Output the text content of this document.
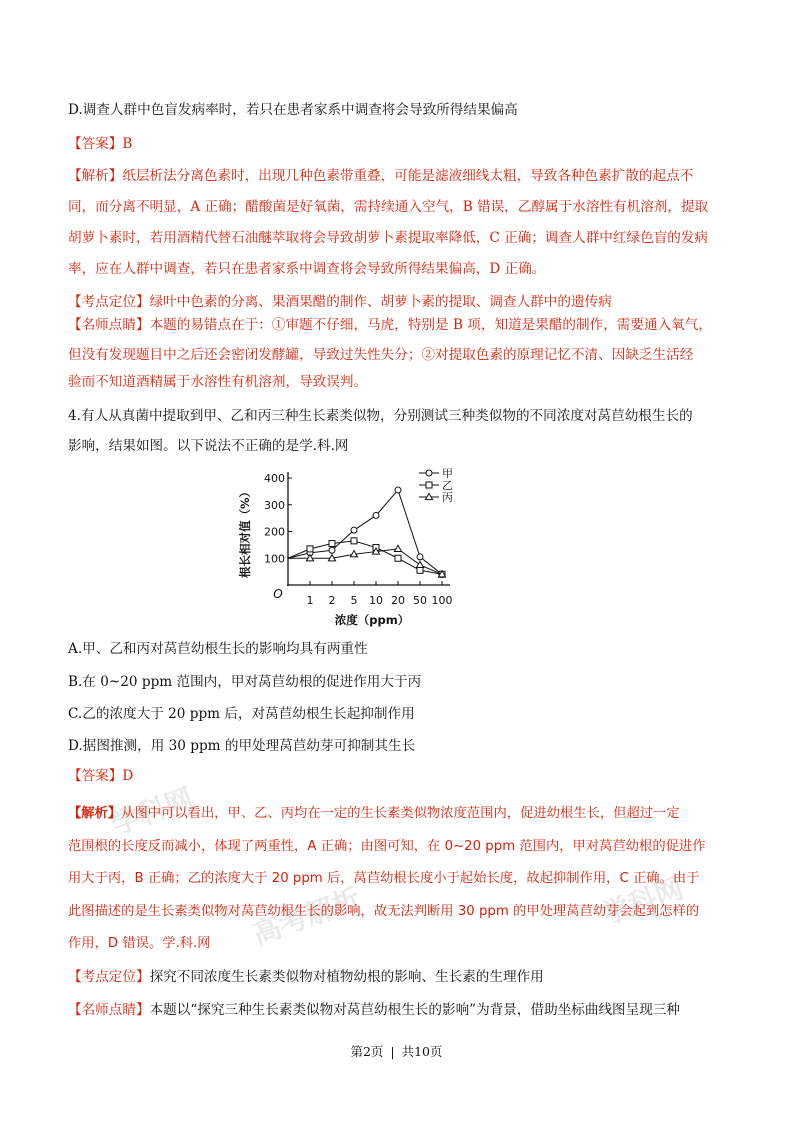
学科网
高考解析	学科网
D.调查人群中色盲发病率时，若只在患者家系中调查将会导致所得结果偏高
【答案】B
【解析】纸层析法分离色素时，出现几种色素带重叠，可能是滤液细线太粗，导致各种色素扩散的起点不
同，而分离不明显，A 正确；醋酸菌是好氧菌，需持续通入空气，B 错误，乙醇属于水溶性有机溶剂，提取
胡萝卜素时，若用酒精代替石油醚萃取将会导致胡萝卜素提取率降低，C 正确；调查人群中红绿色盲的发病
率，应在人群中调查，若只在患者家系中调查将会导致所得结果偏高，D 正确。
【考点定位】绿叶中色素的分离、果酒果醋的制作、胡萝卜素的提取、调查人群中的遗传病
【名师点睛】本题的易错点在于：①审题不仔细，马虎，特别是 B 项，知道是果醋的制作，需要通入氧气，
但没有发现题目中之后还会密闭发酵罐，导致过失性失分；②对提取色素的原理记忆不清、因缺乏生活经
验而不知道酒精属于水溶性有机溶剂，导致误判。
4.有人从真菌中提取到甲、乙和丙三种生长素类似物，分别测试三种类似物的不同浓度对莴苣幼根生长的
影响，结果如图。以下说法不正确的是学.科.网
100
200
300
400
1 2 5 10 20 50 100
O
浓度（ppm）
根长相对值（%）
甲
乙
丙
A.甲、乙和丙对莴苣幼根生长的影响均具有两重性
B.在 0~20 ppm 范围内，甲对莴苣幼根的促进作用大于丙
C.乙的浓度大于 20 ppm 后，对莴苣幼根生长起抑制作用
D.据图推测，用 30 ppm 的甲处理莴苣幼芽可抑制其生长
【答案】D
【解析】从图中可以看出，甲、乙、丙均在一定的生长素类似物浓度范围内，促进幼根生长，但超过一定
范围根的长度反而减小，体现了两重性，A 正确；由图可知，在 0~20 ppm 范围内，甲对莴苣幼根的促进作
用大于丙，B 正确；乙的浓度大于 20 ppm 后，莴苣幼根长度小于起始长度，故起抑制作用，C 正确。由于
此图描述的是生长素类似物对莴苣幼根生长的影响，故无法判断用 30 ppm 的甲处理莴苣幼芽会起到怎样的
作用，D 错误。学.科.网
【考点定位】探究不同浓度生长素类似物对植物幼根的影响、生长素的生理作用
【名师点睛】本题以“探究三种生长素类似物对莴苣幼根生长的影响”为背景，借助坐标曲线图呈现三种
第2页 | 共10页
